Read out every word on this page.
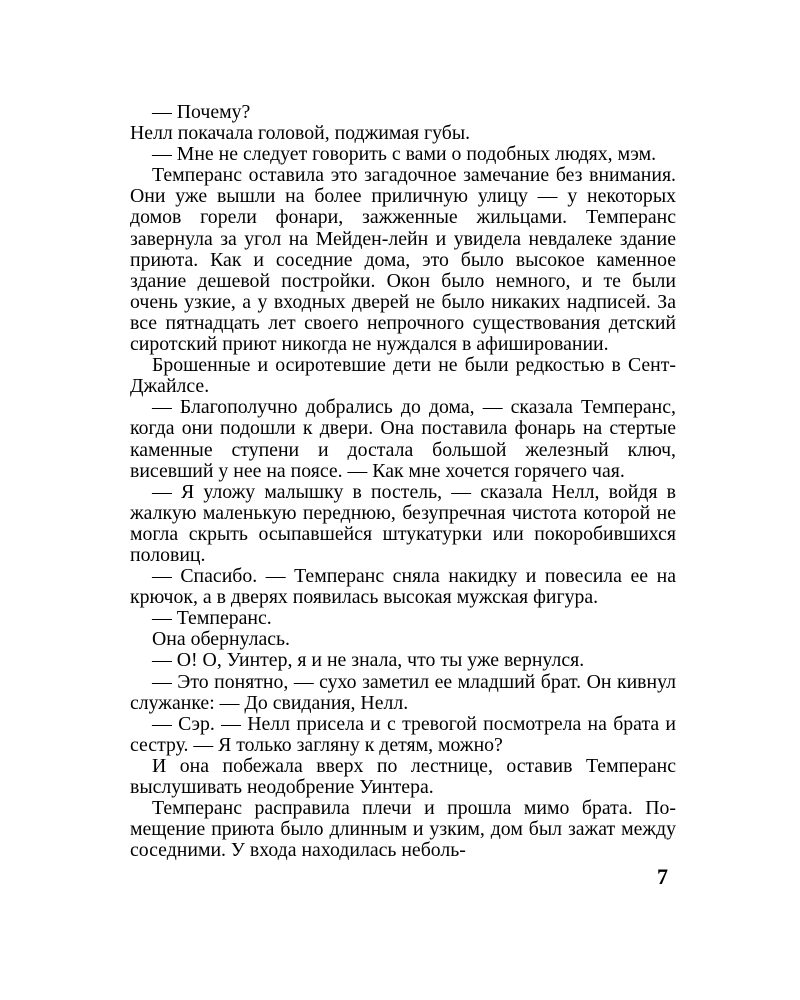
— Почему?

Нелл покачала головой, поджимая губы.

— Мне не следует говорить с вами о подобных людях, мэм.

Темперанс оставила это загадочное замечание без внимания. Они уже вышли на более приличную улицу — у некоторых домов горели фонари, зажженные жильцами. Темперанс завернула за угол на Мейден-лейн и увидела невдалеке здание приюта. Как и соседние дома, это было высокое каменное здание дешевой постройки. Окон было немного, и те были очень узкие, а у входных дверей не было никаких надписей. За все пятнадцать лет своего непрочного существования детский сиротский приют никогда не нуждался в афишировании.

Брошенные и осиротевшие дети не были редкостью в Сент-Джайлсе.

— Благополучно добрались до дома, — сказала Темперанс, когда они подошли к двери. Она поставила фонарь на стертые каменные ступени и достала большой железный ключ, висевший у нее на поясе. — Как мне хочется горячего чая.

— Я уложу малышку в постель, — сказала Нелл, войдя в жалкую маленькую переднюю, безупречная чистота которой не могла скрыть осыпавшейся штукатурки или покоробившихся половиц.

— Спасибо. — Темперанс сняла накидку и повесила ее на крючок, а в дверях появилась высокая мужская фигура.

— Темперанс.

Она обернулась.

— О! О, Уинтер, я и не знала, что ты уже вернулся.

— Это понятно, — сухо заметил ее младший брат. Он кивнул служанке: — До свидания, Нелл.

— Сэр. — Нелл присела и с тревогой посмотрела на брата и сестру. — Я только загляну к детям, можно?

И она побежала вверх по лестнице, оставив Темперанс выслушивать неодобрение Уинтера.

Темперанс расправила плечи и прошла мимо брата. Помещение приюта было длинным и узким, дом был зажат между соседними. У входа находилась неболь-

7
